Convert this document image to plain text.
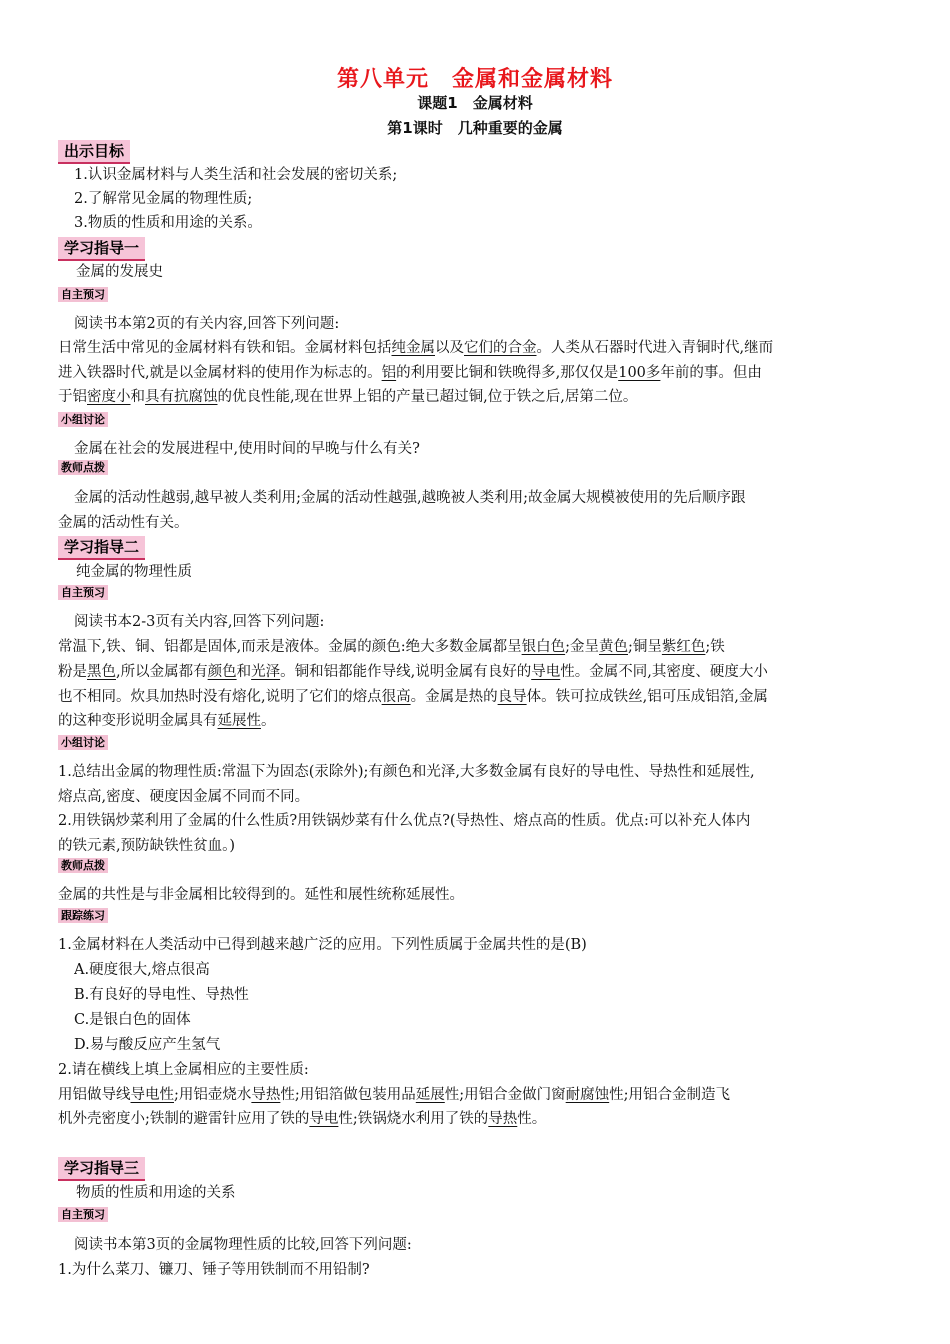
第八单元　金属和金属材料
课题1　金属材料
第1课时　几种重要的金属
出示目标
1.认识金属材料与人类生活和社会发展的密切关系;
2.了解常见金属的物理性质;
3.物质的性质和用途的关系。
学习指导一
金属的发展史
自主预习
阅读书本第2页的有关内容,回答下列问题:
日常生活中常见的金属材料有铁和铝。金属材料包括纯金属以及它们的合金。人类从石器时代进入青铜时代,继而
进入铁器时代,就是以金属材料的使用作为标志的。铝的利用要比铜和铁晚得多,那仅仅是100多年前的事。但由
于铝密度小和具有抗腐蚀的优良性能,现在世界上铝的产量已超过铜,位于铁之后,居第二位。
小组讨论
金属在社会的发展进程中,使用时间的早晚与什么有关?
教师点拨
金属的活动性越弱,越早被人类利用;金属的活动性越强,越晚被人类利用;故金属大规模被使用的先后顺序跟
金属的活动性有关。
学习指导二
纯金属的物理性质
自主预习
阅读书本2-3页有关内容,回答下列问题:
常温下,铁、铜、铝都是固体,而汞是液体。金属的颜色:绝大多数金属都呈银白色;金呈黄色;铜呈紫红色;铁
粉是黑色,所以金属都有颜色和光泽。铜和铝都能作导线,说明金属有良好的导电性。金属不同,其密度、硬度大小
也不相同。炊具加热时没有熔化,说明了它们的熔点很高。金属是热的良导体。铁可拉成铁丝,铝可压成铝箔,金属
的这种变形说明金属具有延展性。
小组讨论
1.总结出金属的物理性质:常温下为固态(汞除外);有颜色和光泽,大多数金属有良好的导电性、导热性和延展性,
熔点高,密度、硬度因金属不同而不同。
2.用铁锅炒菜利用了金属的什么性质?用铁锅炒菜有什么优点?(导热性、熔点高的性质。优点:可以补充人体内
的铁元素,预防缺铁性贫血。)
教师点拨
金属的共性是与非金属相比较得到的。延性和展性统称延展性。
跟踪练习
1.金属材料在人类活动中已得到越来越广泛的应用。下列性质属于金属共性的是(B)
A.硬度很大,熔点很高
B.有良好的导电性、导热性
C.是银白色的固体
D.易与酸反应产生氢气
2.请在横线上填上金属相应的主要性质:
用铝做导线导电性;用铝壶烧水导热性;用铝箔做包装用品延展性;用铝合金做门窗耐腐蚀性;用铝合金制造飞
机外壳密度小;铁制的避雷针应用了铁的导电性;铁锅烧水利用了铁的导热性。
学习指导三
物质的性质和用途的关系
自主预习
阅读书本第3页的金属物理性质的比较,回答下列问题:
1.为什么菜刀、镰刀、锤子等用铁制而不用铅制?
